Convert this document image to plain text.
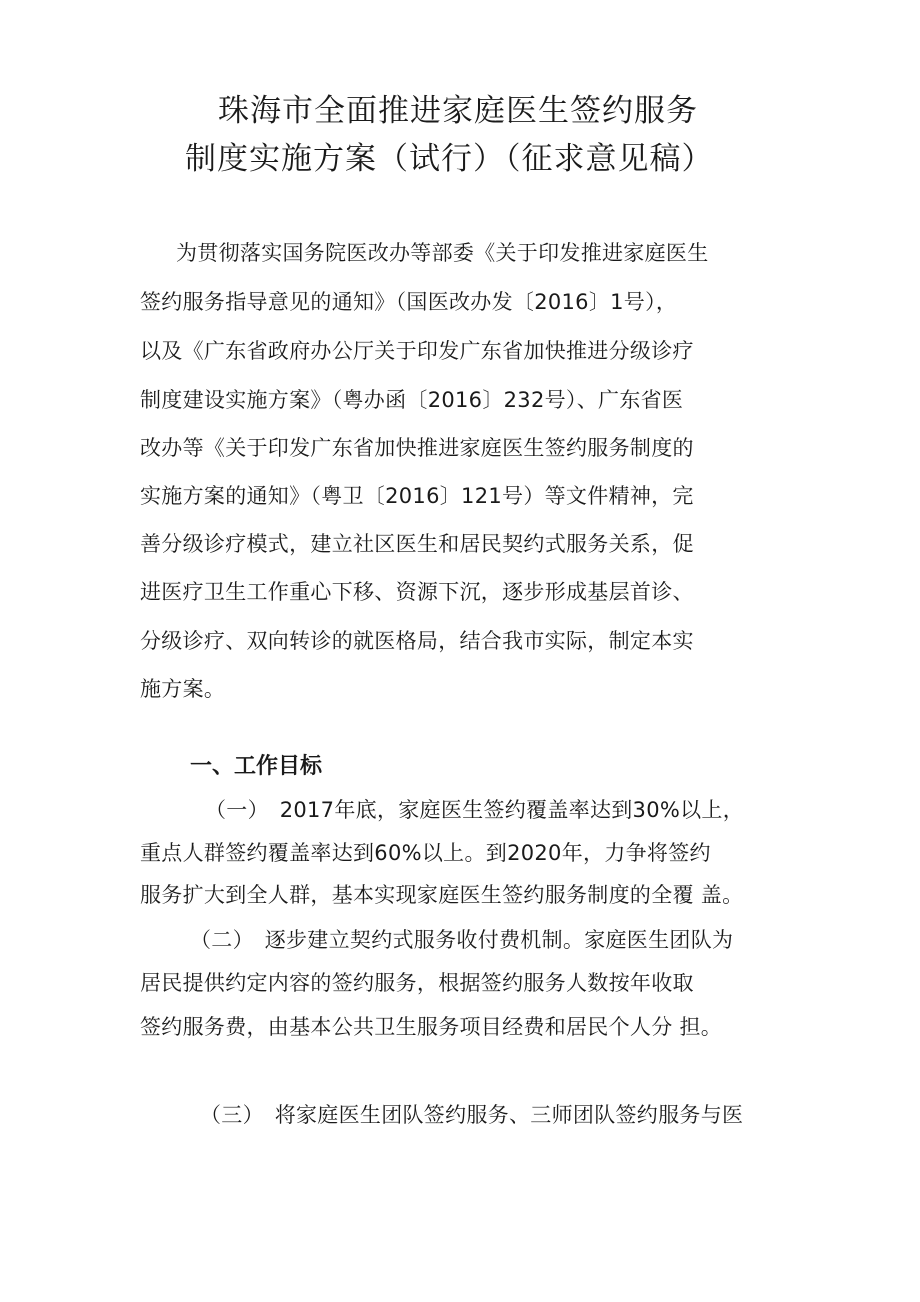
珠海市全面推进家庭医生签约服务
制度实施方案（试行）（征求意见稿）
为贯彻落实国务院医改办等部委《关于印发推进家庭医生
签约服务指导意见的通知》（国医改办发〔2016〕1号），
以及《广东省政府办公厅关于印发广东省加快推进分级诊疗
制度建设实施方案》（粤办函〔2016〕232号）、广东省医
改办等《关于印发广东省加快推进家庭医生签约服务制度的
实施方案的通知》（粤卫〔2016〕121号）等文件精神，完
善分级诊疗模式，建立社区医生和居民契约式服务关系，促
进医疗卫生工作重心下移、资源下沉，逐步形成基层首诊、
分级诊疗、双向转诊的就医格局，结合我市实际，制定本实
施方案。
一、工作目标
（一）　2017年底，家庭医生签约覆盖率达到30%以上，
重点人群签约覆盖率达到60%以上。到2020年，力争将签约
服务扩大到全人群，基本实现家庭医生签约服务制度的全覆 盖。
（二）　逐步建立契约式服务收付费机制。家庭医生团队为
居民提供约定内容的签约服务，根据签约服务人数按年收取
签约服务费，由基本公共卫生服务项目经费和居民个人分 担。
（三）　将家庭医生团队签约服务、三师团队签约服务与医
